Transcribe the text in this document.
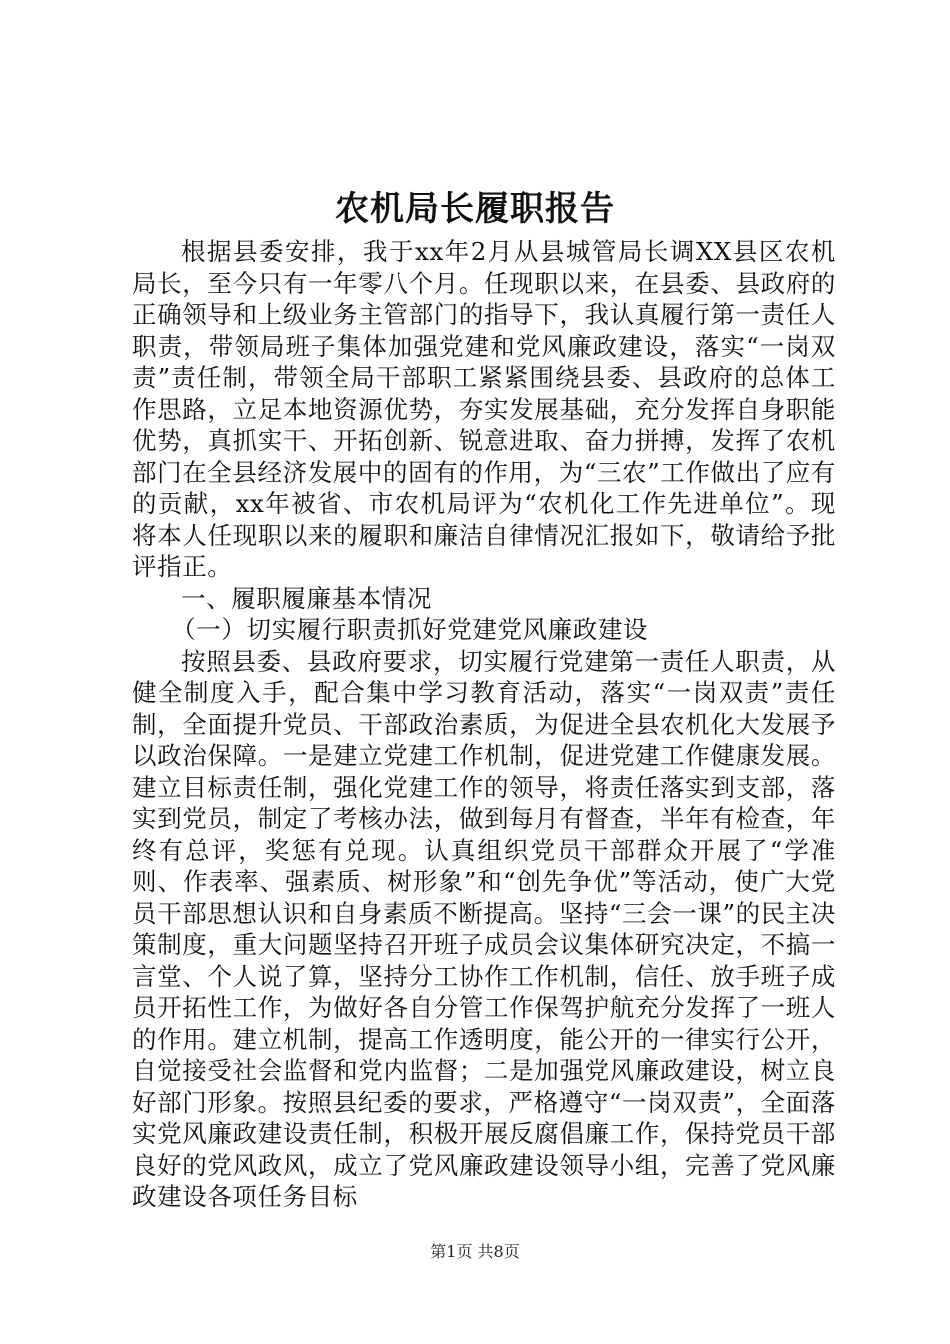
农机局长履职报告

根据县委安排，我于xx年2月从县城管局长调XX县区农机局长，至今只有一年零八个月。任现职以来，在县委、县政府的正确领导和上级业务主管部门的指导下，我认真履行第一责任人职责，带领局班子集体加强党建和党风廉政建设，落实“一岗双责”责任制，带领全局干部职工紧紧围绕县委、县政府的总体工作思路，立足本地资源优势，夯实发展基础，充分发挥自身职能优势，真抓实干、开拓创新、锐意进取、奋力拼搏，发挥了农机部门在全县经济发展中的固有的作用，为“三农”工作做出了应有的贡献，xx年被省、市农机局评为“农机化工作先进单位”。现将本人任现职以来的履职和廉洁自律情况汇报如下，敬请给予批评指正。

一、履职履廉基本情况

（一）切实履行职责抓好党建党风廉政建设

按照县委、县政府要求，切实履行党建第一责任人职责，从健全制度入手，配合集中学习教育活动，落实“一岗双责”责任制，全面提升党员、干部政治素质，为促进全县农机化大发展予以政治保障。一是建立党建工作机制，促进党建工作健康发展。建立目标责任制，强化党建工作的领导，将责任落实到支部，落实到党员，制定了考核办法，做到每月有督查，半年有检查，年终有总评，奖惩有兑现。认真组织党员干部群众开展了“学准则、作表率、强素质、树形象”和“创先争优”等活动，使广大党员干部思想认识和自身素质不断提高。坚持“三会一课”的民主决策制度，重大问题坚持召开班子成员会议集体研究决定，不搞一言堂、个人说了算，坚持分工协作工作机制，信任、放手班子成员开拓性工作，为做好各自分管工作保驾护航充分发挥了一班人的作用。建立机制，提高工作透明度，能公开的一律实行公开，自觉接受社会监督和党内监督；二是加强党风廉政建设，树立良好部门形象。按照县纪委的要求，严格遵守“一岗双责”，全面落实党风廉政建设责任制，积极开展反腐倡廉工作，保持党员干部良好的党风政风，成立了党风廉政建设领导小组，完善了党风廉政建设各项任务目标

第1页 共8页
